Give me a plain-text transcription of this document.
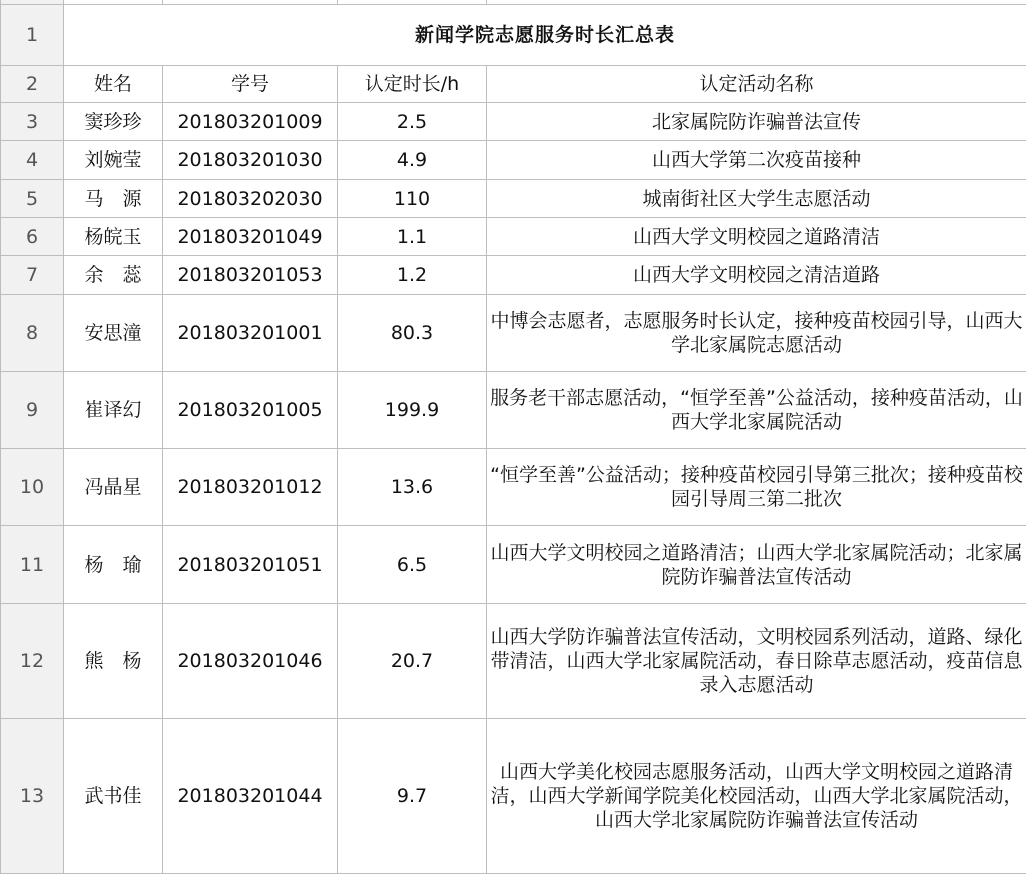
1	新闻学院志愿服务时长汇总表			
2	姓名	学号	认定时长/h	认定活动名称
3	窦珍珍	201803201009	2.5	北家属院防诈骗普法宣传
4	刘婉莹	201803201030	4.9	山西大学第二次疫苗接种
5	马　源	201803202030	110	城南街社区大学生志愿活动
6	杨皖玉	201803201049	1.1	山西大学文明校园之道路清洁
7	余　蕊	201803201053	1.2	山西大学文明校园之清洁道路
8	安思潼	201803201001	80.3	中博会志愿者，志愿服务时长认定，接种疫苗校园引导，山西大学北家属院志愿活动
9	崔译幻	201803201005	199.9	服务老干部志愿活动，“恒学至善”公益活动，接种疫苗活动，山西大学北家属院活动
10	冯晶星	201803201012	13.6	“恒学至善”公益活动；接种疫苗校园引导第三批次；接种疫苗校园引导周三第二批次
11	杨　瑜	201803201051	6.5	山西大学文明校园之道路清洁；山西大学北家属院活动；北家属院防诈骗普法宣传活动
12	熊　杨	201803201046	20.7	山西大学防诈骗普法宣传活动，文明校园系列活动，道路、绿化带清洁，山西大学北家属院活动，春日除草志愿活动，疫苗信息录入志愿活动
13	武书佳	201803201044	9.7	山西大学美化校园志愿服务活动，山西大学文明校园之道路清洁，山西大学新闻学院美化校园活动，山西大学北家属院活动，山西大学北家属院防诈骗普法宣传活动
